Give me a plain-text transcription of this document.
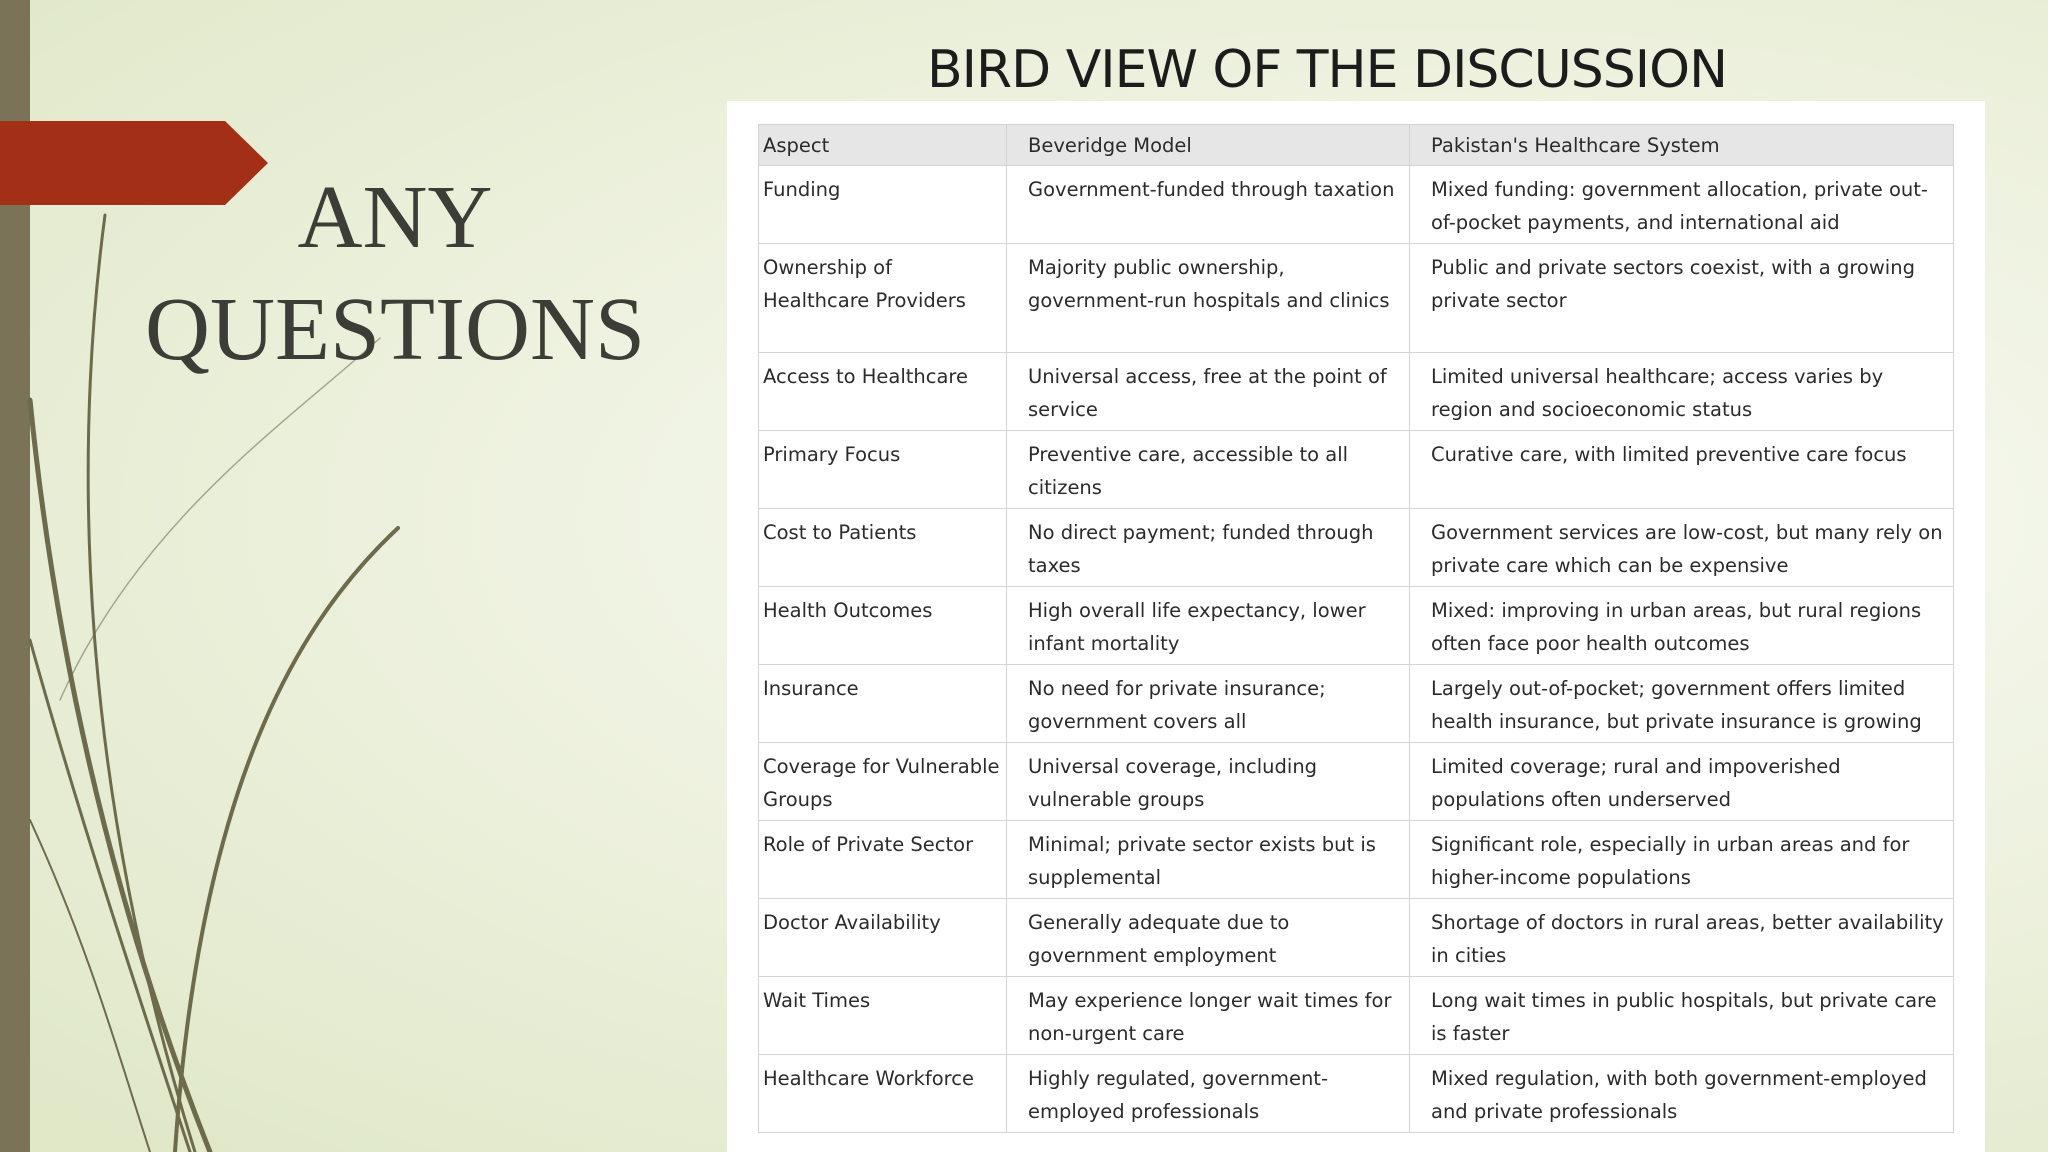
ANY
QUESTIONS
BIRD VIEW OF THE DISCUSSION
Aspect	Beveridge Model	Pakistan's Healthcare System
Funding	Government-funded through taxation	Mixed funding: government allocation, private out-of-pocket payments, and international aid
Ownership of Healthcare Providers	Majority public ownership, government-run hospitals and clinics	Public and private sectors coexist, with a growing private sector
Access to Healthcare	Universal access, free at the point of service	Limited universal healthcare; access varies by region and socioeconomic status
Primary Focus	Preventive care, accessible to all citizens	Curative care, with limited preventive care focus
Cost to Patients	No direct payment; funded through taxes	Government services are low-cost, but many rely on private care which can be expensive
Health Outcomes	High overall life expectancy, lower infant mortality	Mixed: improving in urban areas, but rural regions often face poor health outcomes
Insurance	No need for private insurance; government covers all	Largely out-of-pocket; government offers limited health insurance, but private insurance is growing
Coverage for Vulnerable Groups	Universal coverage, including vulnerable groups	Limited coverage; rural and impoverished populations often underserved
Role of Private Sector	Minimal; private sector exists but is supplemental	Significant role, especially in urban areas and for higher-income populations
Doctor Availability	Generally adequate due to government employment	Shortage of doctors in rural areas, better availability in cities
Wait Times	May experience longer wait times for non-urgent care	Long wait times in public hospitals, but private care is faster
Healthcare Workforce	Highly regulated, government-employed professionals	Mixed regulation, with both government-employed and private professionals
